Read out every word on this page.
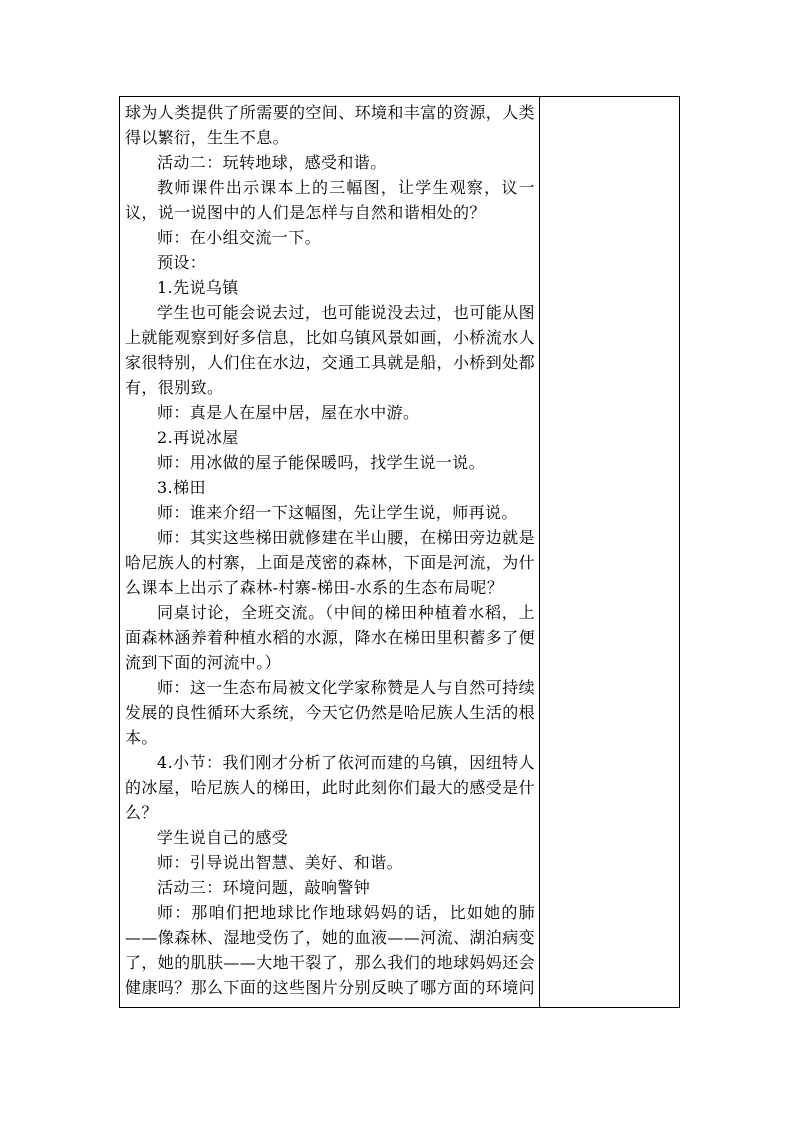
球为人类提供了所需要的空间、环境和丰富的资源，人类得以繁衍，生生不息。

活动二：玩转地球，感受和谐。

教师课件出示课本上的三幅图，让学生观察，议一议，说一说图中的人们是怎样与自然和谐相处的？

师：在小组交流一下。

预设：

1.先说乌镇

学生也可能会说去过，也可能说没去过，也可能从图上就能观察到好多信息，比如乌镇风景如画，小桥流水人家很特别，人们住在水边，交通工具就是船，小桥到处都有，很别致。

师：真是人在屋中居，屋在水中游。

2.再说冰屋

师：用冰做的屋子能保暖吗，找学生说一说。

3.梯田

师：谁来介绍一下这幅图，先让学生说，师再说。

师：其实这些梯田就修建在半山腰，在梯田旁边就是哈尼族人的村寨，上面是茂密的森林，下面是河流，为什么课本上出示了森林-村寨-梯田-水系的生态布局呢？

同桌讨论，全班交流。（中间的梯田种植着水稻，上面森林涵养着种植水稻的水源，降水在梯田里积蓄多了便流到下面的河流中。）

师：这一生态布局被文化学家称赞是人与自然可持续发展的良性循环大系统，今天它仍然是哈尼族人生活的根本。

4.小节：我们刚才分析了依河而建的乌镇，因纽特人的冰屋，哈尼族人的梯田，此时此刻你们最大的感受是什么？

学生说自己的感受

师：引导说出智慧、美好、和谐。

活动三：环境问题，敲响警钟

师：那咱们把地球比作地球妈妈的话，比如她的肺——像森林、湿地受伤了，她的血液——河流、湖泊病变了，她的肌肤——大地干裂了，那么我们的地球妈妈还会健康吗？那么下面的这些图片分别反映了哪方面的环境问
